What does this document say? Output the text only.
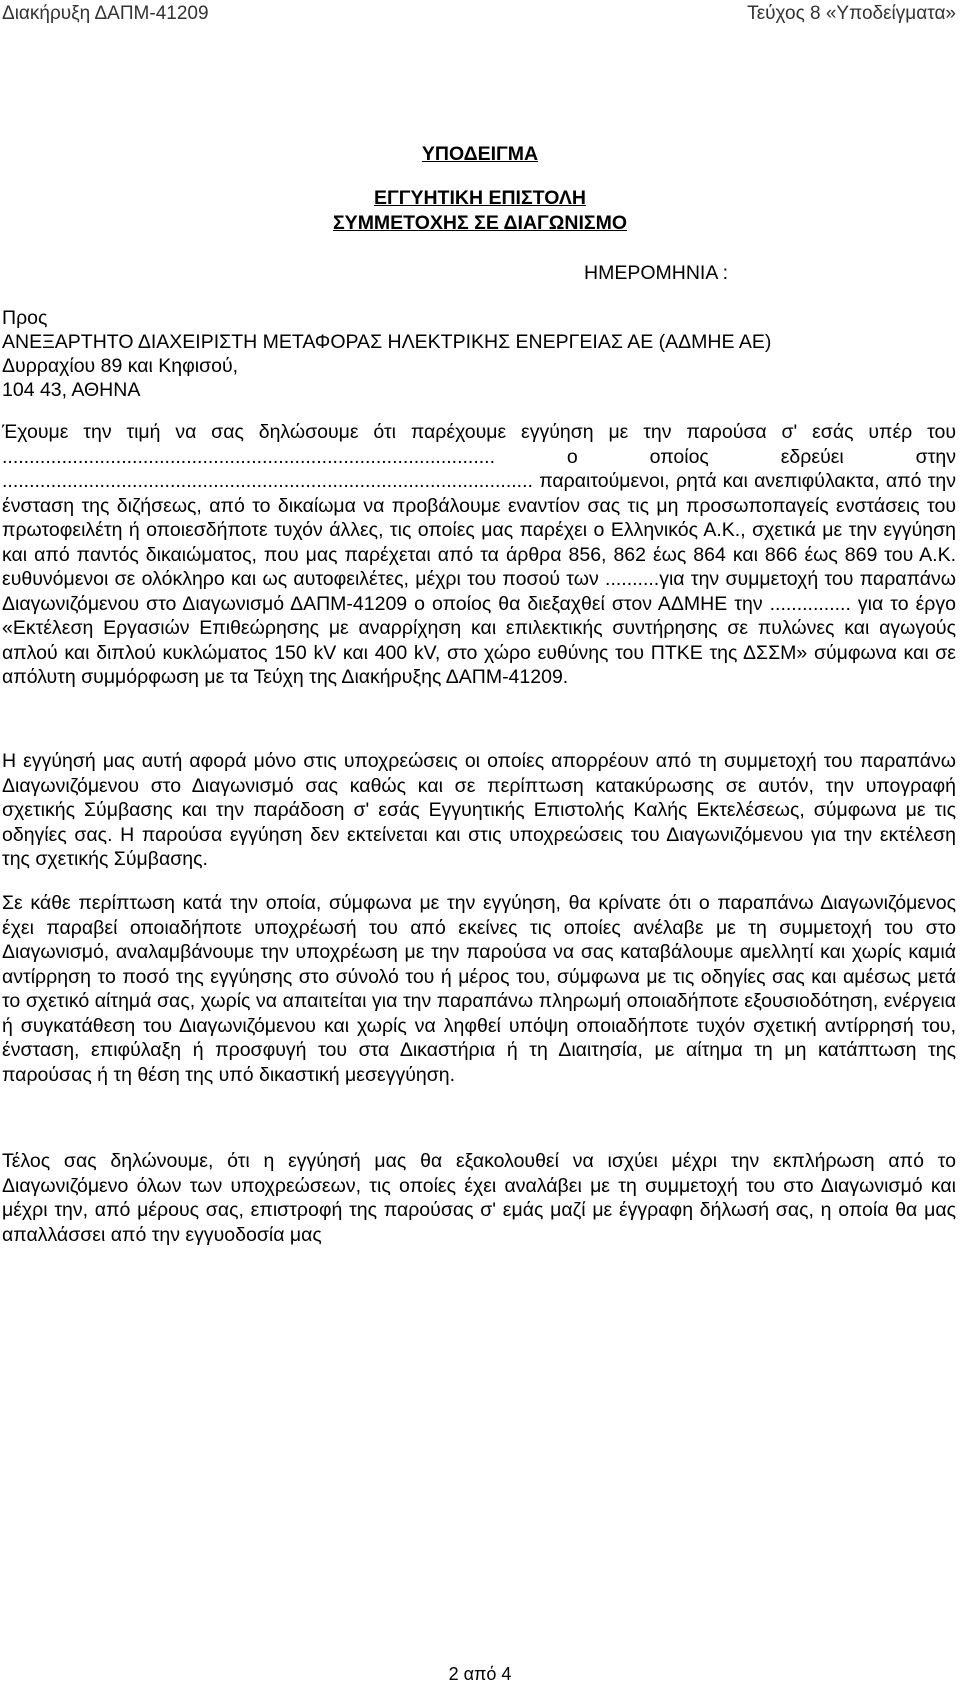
Διακήρυξη ΔΑΠΜ-41209	Τεύχος 8 «Υποδείγματα»
ΥΠΟΔΕΙΓΜΑ
ΕΓΓΥΗΤΙΚΗ ΕΠΙΣΤΟΛΗ
ΣΥΜΜΕΤΟΧΗΣ ΣΕ ΔΙΑΓΩΝΙΣΜΟ
ΗΜΕΡΟΜΗΝΙΑ :
Προς
ΑΝΕΞΑΡΤΗΤΟ ΔΙΑΧΕΙΡΙΣΤΗ ΜΕΤΑΦΟΡΑΣ ΗΛΕΚΤΡΙΚΗΣ ΕΝΕΡΓΕΙΑΣ ΑΕ (ΑΔΜΗΕ ΑΕ)
Δυρραχίου 89 και Κηφισού,
104 43, ΑΘΗΝΑ

Έχουμε την τιμή να σας δηλώσουμε ότι παρέχουμε εγγύηση με την παρούσα σ' εσάς υπέρ του ........................................................................................... ο οποίος εδρεύει στην .................................................................................................. παραιτούμενοι, ρητά και ανεπιφύλακτα, από την ένσταση της διζήσεως, από το δικαίωμα να προβάλουμε εναντίον σας τις μη προσωποπαγείς ενστάσεις του πρωτοφειλέτη ή οποιεσδήποτε τυχόν άλλες, τις οποίες μας παρέχει ο Ελληνικός Α.Κ., σχετικά με την εγγύηση και από παντός δικαιώματος, που μας παρέχεται από τα άρθρα 856, 862 έως 864 και 866 έως 869 του Α.Κ. ευθυνόμενοι σε ολόκληρο και ως αυτοφειλέτες, μέχρι του ποσού των ..........για την συμμετοχή του παραπάνω Διαγωνιζόμενου στο Διαγωνισμό ΔΑΠΜ-41209 ο οποίος θα διεξαχθεί στον ΑΔΜΗΕ την ............... για το έργο «Εκτέλεση Εργασιών Επιθεώρησης με αναρρίχηση και επιλεκτικής συντήρησης σε πυλώνες και αγωγούς απλού και διπλού κυκλώματος 150 kV και 400 kV, στο χώρο ευθύνης του ΠΤΚΕ της ΔΣΣΜ» σύμφωνα και σε απόλυτη συμμόρφωση με τα Τεύχη της Διακήρυξης ΔΑΠΜ-41209.

Η εγγύησή μας αυτή αφορά μόνο στις υποχρεώσεις οι οποίες απορρέουν από τη συμμετοχή του παραπάνω Διαγωνιζόμενου στο Διαγωνισμό σας καθώς και σε περίπτωση κατακύρωσης σε αυτόν, την υπογραφή σχετικής Σύμβασης και την παράδοση σ' εσάς Εγγυητικής Επιστολής Καλής Εκτελέσεως, σύμφωνα με τις οδηγίες σας. Η παρούσα εγγύηση δεν εκτείνεται και στις υποχρεώσεις του Διαγωνιζόμενου για την εκτέλεση της σχετικής Σύμβασης.

Σε κάθε περίπτωση κατά την οποία, σύμφωνα με την εγγύηση, θα κρίνατε ότι ο παραπάνω Διαγωνιζόμενος έχει παραβεί οποιαδήποτε υποχρέωσή του από εκείνες τις οποίες ανέλαβε με τη συμμετοχή του στο Διαγωνισμό, αναλαμβάνουμε την υποχρέωση με την παρούσα να σας καταβάλουμε αμελλητί και χωρίς καμιά αντίρρηση το ποσό της εγγύησης στο σύνολό του ή μέρος του, σύμφωνα με τις οδηγίες σας και αμέσως μετά το σχετικό αίτημά σας, χωρίς να απαιτείται για την παραπάνω πληρωμή οποιαδήποτε εξουσιοδότηση, ενέργεια ή συγκατάθεση του Διαγωνιζόμενου και χωρίς να ληφθεί υπόψη οποιαδήποτε τυχόν σχετική αντίρρησή του, ένσταση, επιφύλαξη ή προσφυγή του στα Δικαστήρια ή τη Διαιτησία, με αίτημα τη μη κατάπτωση της παρούσας ή τη θέση της υπό δικαστική μεσεγγύηση.

Τέλος σας δηλώνουμε, ότι η εγγύησή μας θα εξακολουθεί να ισχύει μέχρι την εκπλήρωση από το Διαγωνιζόμενο όλων των υποχρεώσεων, τις οποίες έχει αναλάβει με τη συμμετοχή του στο Διαγωνισμό και μέχρι την, από μέρους σας, επιστροφή της παρούσας σ' εμάς μαζί με έγγραφη δήλωσή σας, η οποία θα μας απαλλάσσει από την εγγυοδοσία μας

2 από 4
